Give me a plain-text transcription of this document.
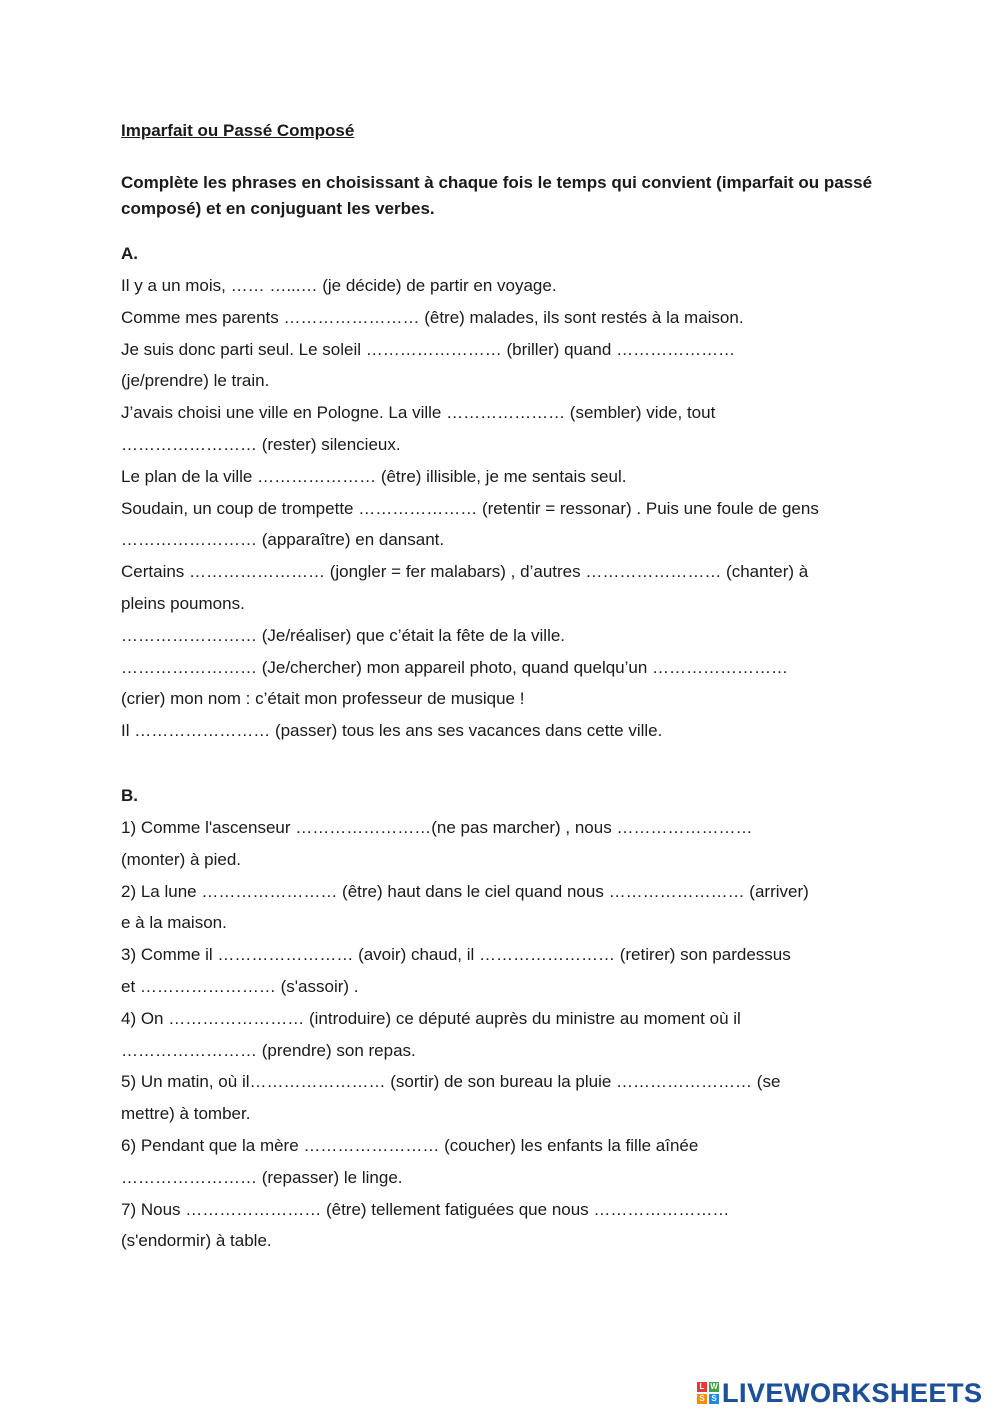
Imparfait ou Passé Composé
Complète les phrases en choisissant à chaque fois le temps qui convient (imparfait ou passé composé) et en conjuguant les verbes.
A.
Il y a un mois, …… …...… (je décide) de partir en voyage.
Comme mes parents …………………… (être) malades, ils sont restés à la maison.
Je suis donc parti seul. Le soleil …………………… (briller) quand …………………
(je/prendre) le train.
J’avais choisi une ville en Pologne. La ville ………………… (sembler) vide, tout
…………………… (rester) silencieux.
Le plan de la ville ………………… (être) illisible, je me sentais seul.
Soudain, un coup de trompette ………………… (retentir = ressonar) . Puis une foule de gens
…………………… (apparaître) en dansant.
Certains …………………… (jongler = fer malabars) , d’autres …………………… (chanter) à
pleins poumons.
…………………… (Je/réaliser) que c’était la fête de la ville.
…………………… (Je/chercher) mon appareil photo, quand quelqu’un ……………………
(crier) mon nom : c’était mon professeur de musique !
Il …………………… (passer) tous les ans ses vacances dans cette ville.
B.
1) Comme l'ascenseur ……………………(ne pas marcher) , nous ……………………
(monter) à pied.
2) La lune …………………… (être) haut dans le ciel quand nous …………………… (arriver)
e à la maison.
3) Comme il …………………… (avoir) chaud, il …………………… (retirer) son pardessus
et …………………… (s'assoir) .
4) On …………………… (introduire) ce député auprès du ministre au moment où il
…………………… (prendre) son repas.
5) Un matin, où il…………………… (sortir) de son bureau la pluie …………………… (se
mettre) à tomber.
6) Pendant que la mère …………………… (coucher) les enfants la fille aînée
…………………… (repasser) le linge.
7) Nous …………………… (être) tellement fatiguées que nous ……………………
(s'endormir) à table.
L W
S S LIVEWORKSHEETS
